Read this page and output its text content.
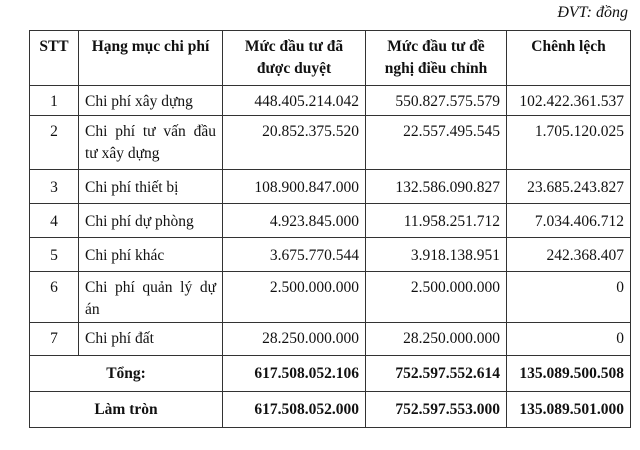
ĐVT: đồng
STT	Hạng mục chi phí	Mức đầu tư đã được duyệt	Mức đầu tư đề nghị điều chỉnh	Chênh lệch
1	Chi phí xây dựng	448.405.214.042	550.827.575.579	102.422.361.537
2	Chi phí tư vấn đầu tư xây dựng	20.852.375.520	22.557.495.545	1.705.120.025
3	Chi phí thiết bị	108.900.847.000	132.586.090.827	23.685.243.827
4	Chi phí dự phòng	4.923.845.000	11.958.251.712	7.034.406.712
5	Chi phí khác	3.675.770.544	3.918.138.951	242.368.407
6	Chi phí quản lý dự án	2.500.000.000	2.500.000.000	0
7	Chi phí đất	28.250.000.000	28.250.000.000	0
Tổng:		617.508.052.106	752.597.552.614	135.089.500.508
Làm tròn		617.508.052.000	752.597.553.000	135.089.501.000
